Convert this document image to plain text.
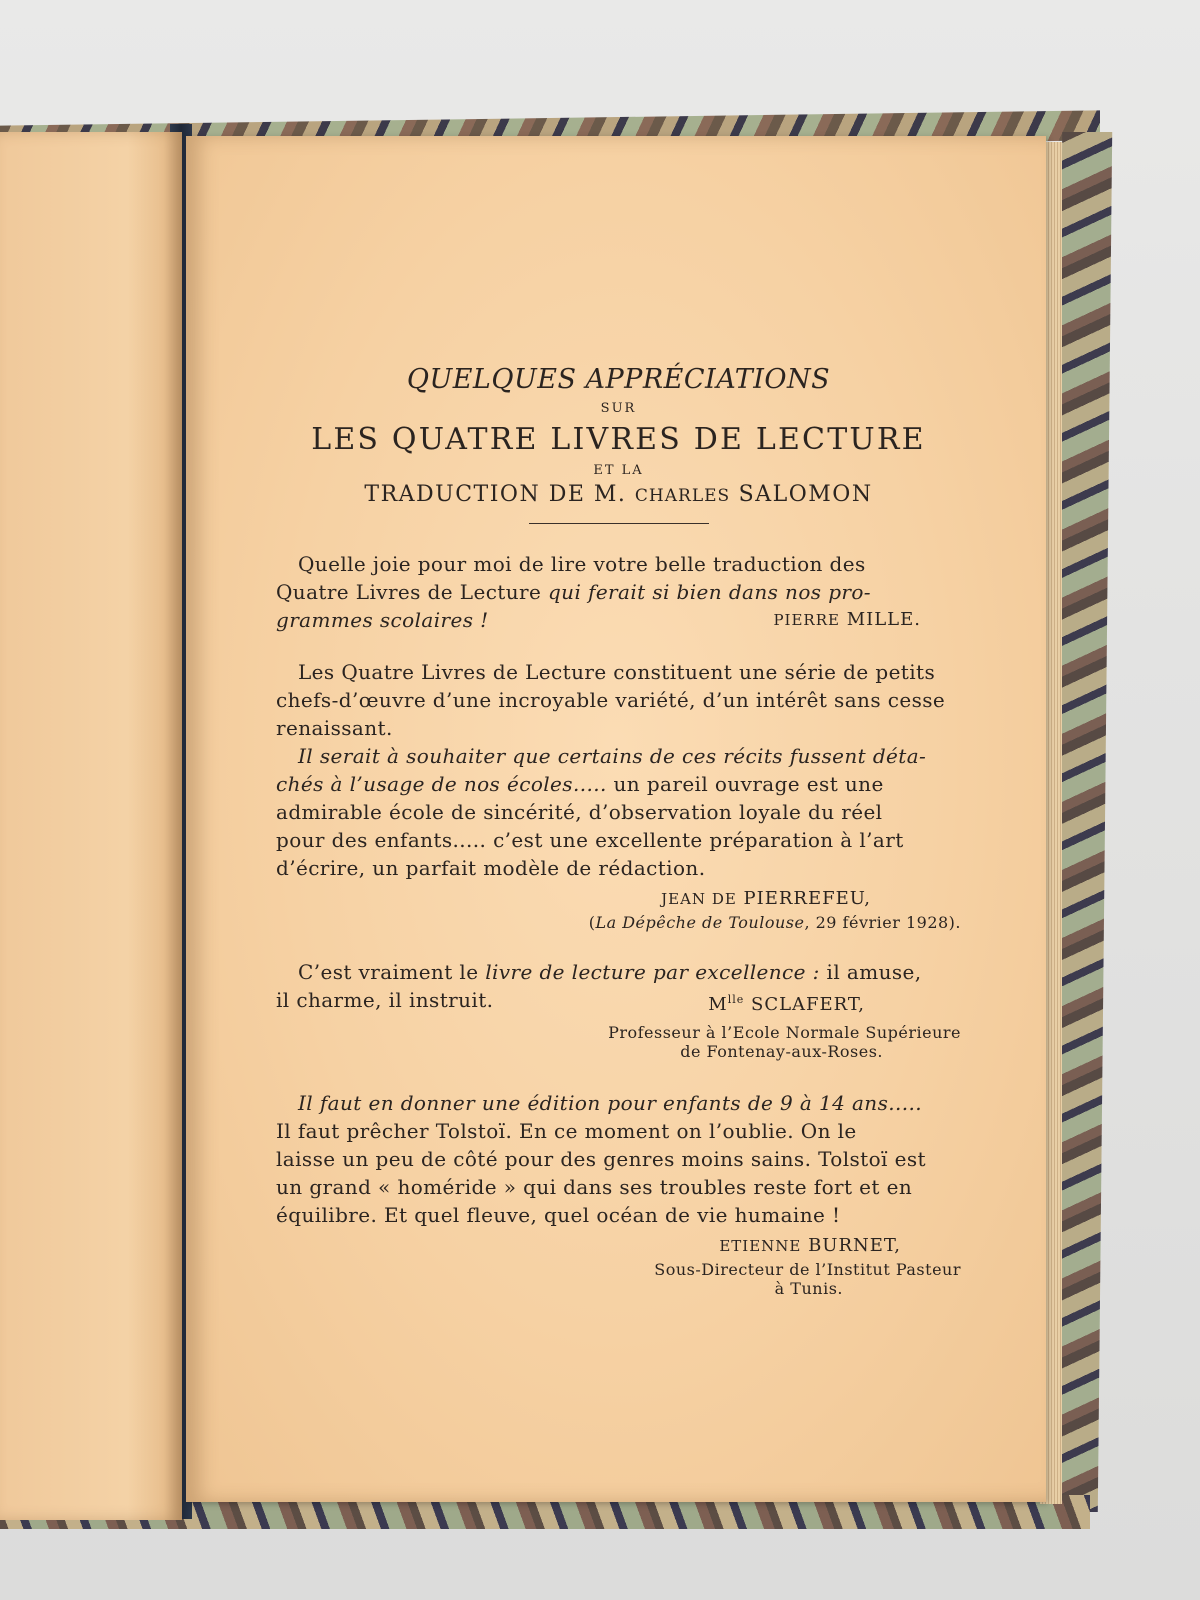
QUELQUES APPRÉCIATIONS

SUR

LES QUATRE LIVRES DE LECTURE

ET LA

TRADUCTION DE M. CHARLES SALOMON

Quelle joie pour moi de lire votre belle traduction des

Quatre Livres de Lecture qui ferait si bien dans nos pro-

grammes scolaires !	PIERRE MILLE.

Les Quatre Livres de Lecture constituent une série de petits

chefs-d’œuvre d’une incroyable variété, d’un intérêt sans cesse

renaissant.

Il serait à souhaiter que certains de ces récits fussent déta-

chés à l’usage de nos écoles..... un pareil ouvrage est une

admirable école de sincérité, d’observation loyale du réel

pour des enfants..... c’est une excellente préparation à l’art

d’écrire, un parfait modèle de rédaction.

JEAN DE PIERREFEU,

(La Dépêche de Toulouse, 29 février 1928).

C’est vraiment le livre de lecture par excellence : il amuse,

il charme, il instruit.	$M^{lle}$ SCLAFERT,

Professeur à l’Ecole Normale Supérieure

de Fontenay-aux-Roses.

Il faut en donner une édition pour enfants de 9 à 14 ans.....

Il faut prêcher Tolstoï. En ce moment on l’oublie. On le

laisse un peu de côté pour des genres moins sains. Tolstoï est

un grand « homéride » qui dans ses troubles reste fort et en

équilibre. Et quel fleuve, quel océan de vie humaine !

ETIENNE BURNET,

Sous-Directeur de l’Institut Pasteur

à Tunis.
